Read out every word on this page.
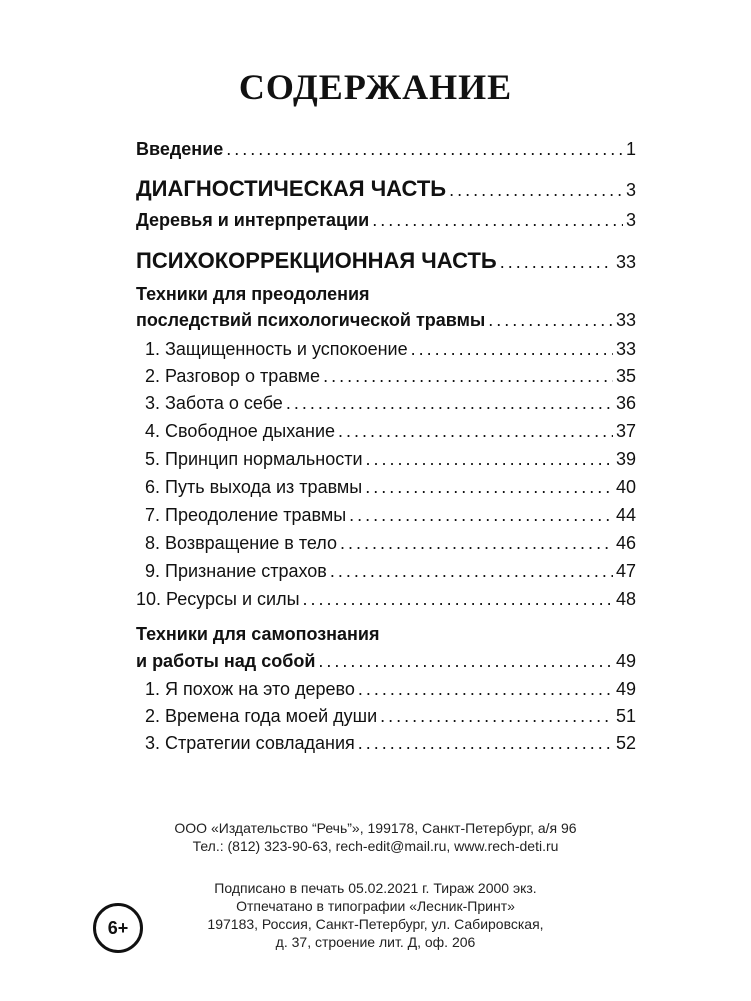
СОДЕРЖАНИЕ
Введение .....	1
ДИАГНОСТИЧЕСКАЯ ЧАСТЬ .....	3
Деревья и интерпретации .....	3
ПСИХОКОРРЕКЦИОННАЯ ЧАСТЬ .....	33
Техники для преодоления
последствий психологической травмы .....	33
1. Защищенность и успокоение .....	33
2. Разговор о травме .....	35
3. Забота о себе .....	36
4. Свободное дыхание .....	37
5. Принцип нормальности .....	39
6. Путь выхода из травмы .....	40
7. Преодоление травмы .....	44
8. Возвращение в тело .....	46
9. Признание страхов .....	47
10. Ресурсы и силы .....	48
Техники для самопознания
и работы над собой .....	49
1. Я похож на это дерево .....	49
2. Времена года моей души .....	51
3. Стратегии совладания .....	52
ООО «Издательство “Речь”», 199178, Санкт-Петербург, а/я 96
Тел.: (812) 323-90-63, rech-edit@mail.ru, www.rech-deti.ru
Подписано в печать 05.02.2021 г. Тираж 2000 экз.
Отпечатано в типографии «Лесник-Принт»
197183, Россия, Санкт-Петербург, ул. Сабировская,
д. 37, строение лит. Д, оф. 206
6+
